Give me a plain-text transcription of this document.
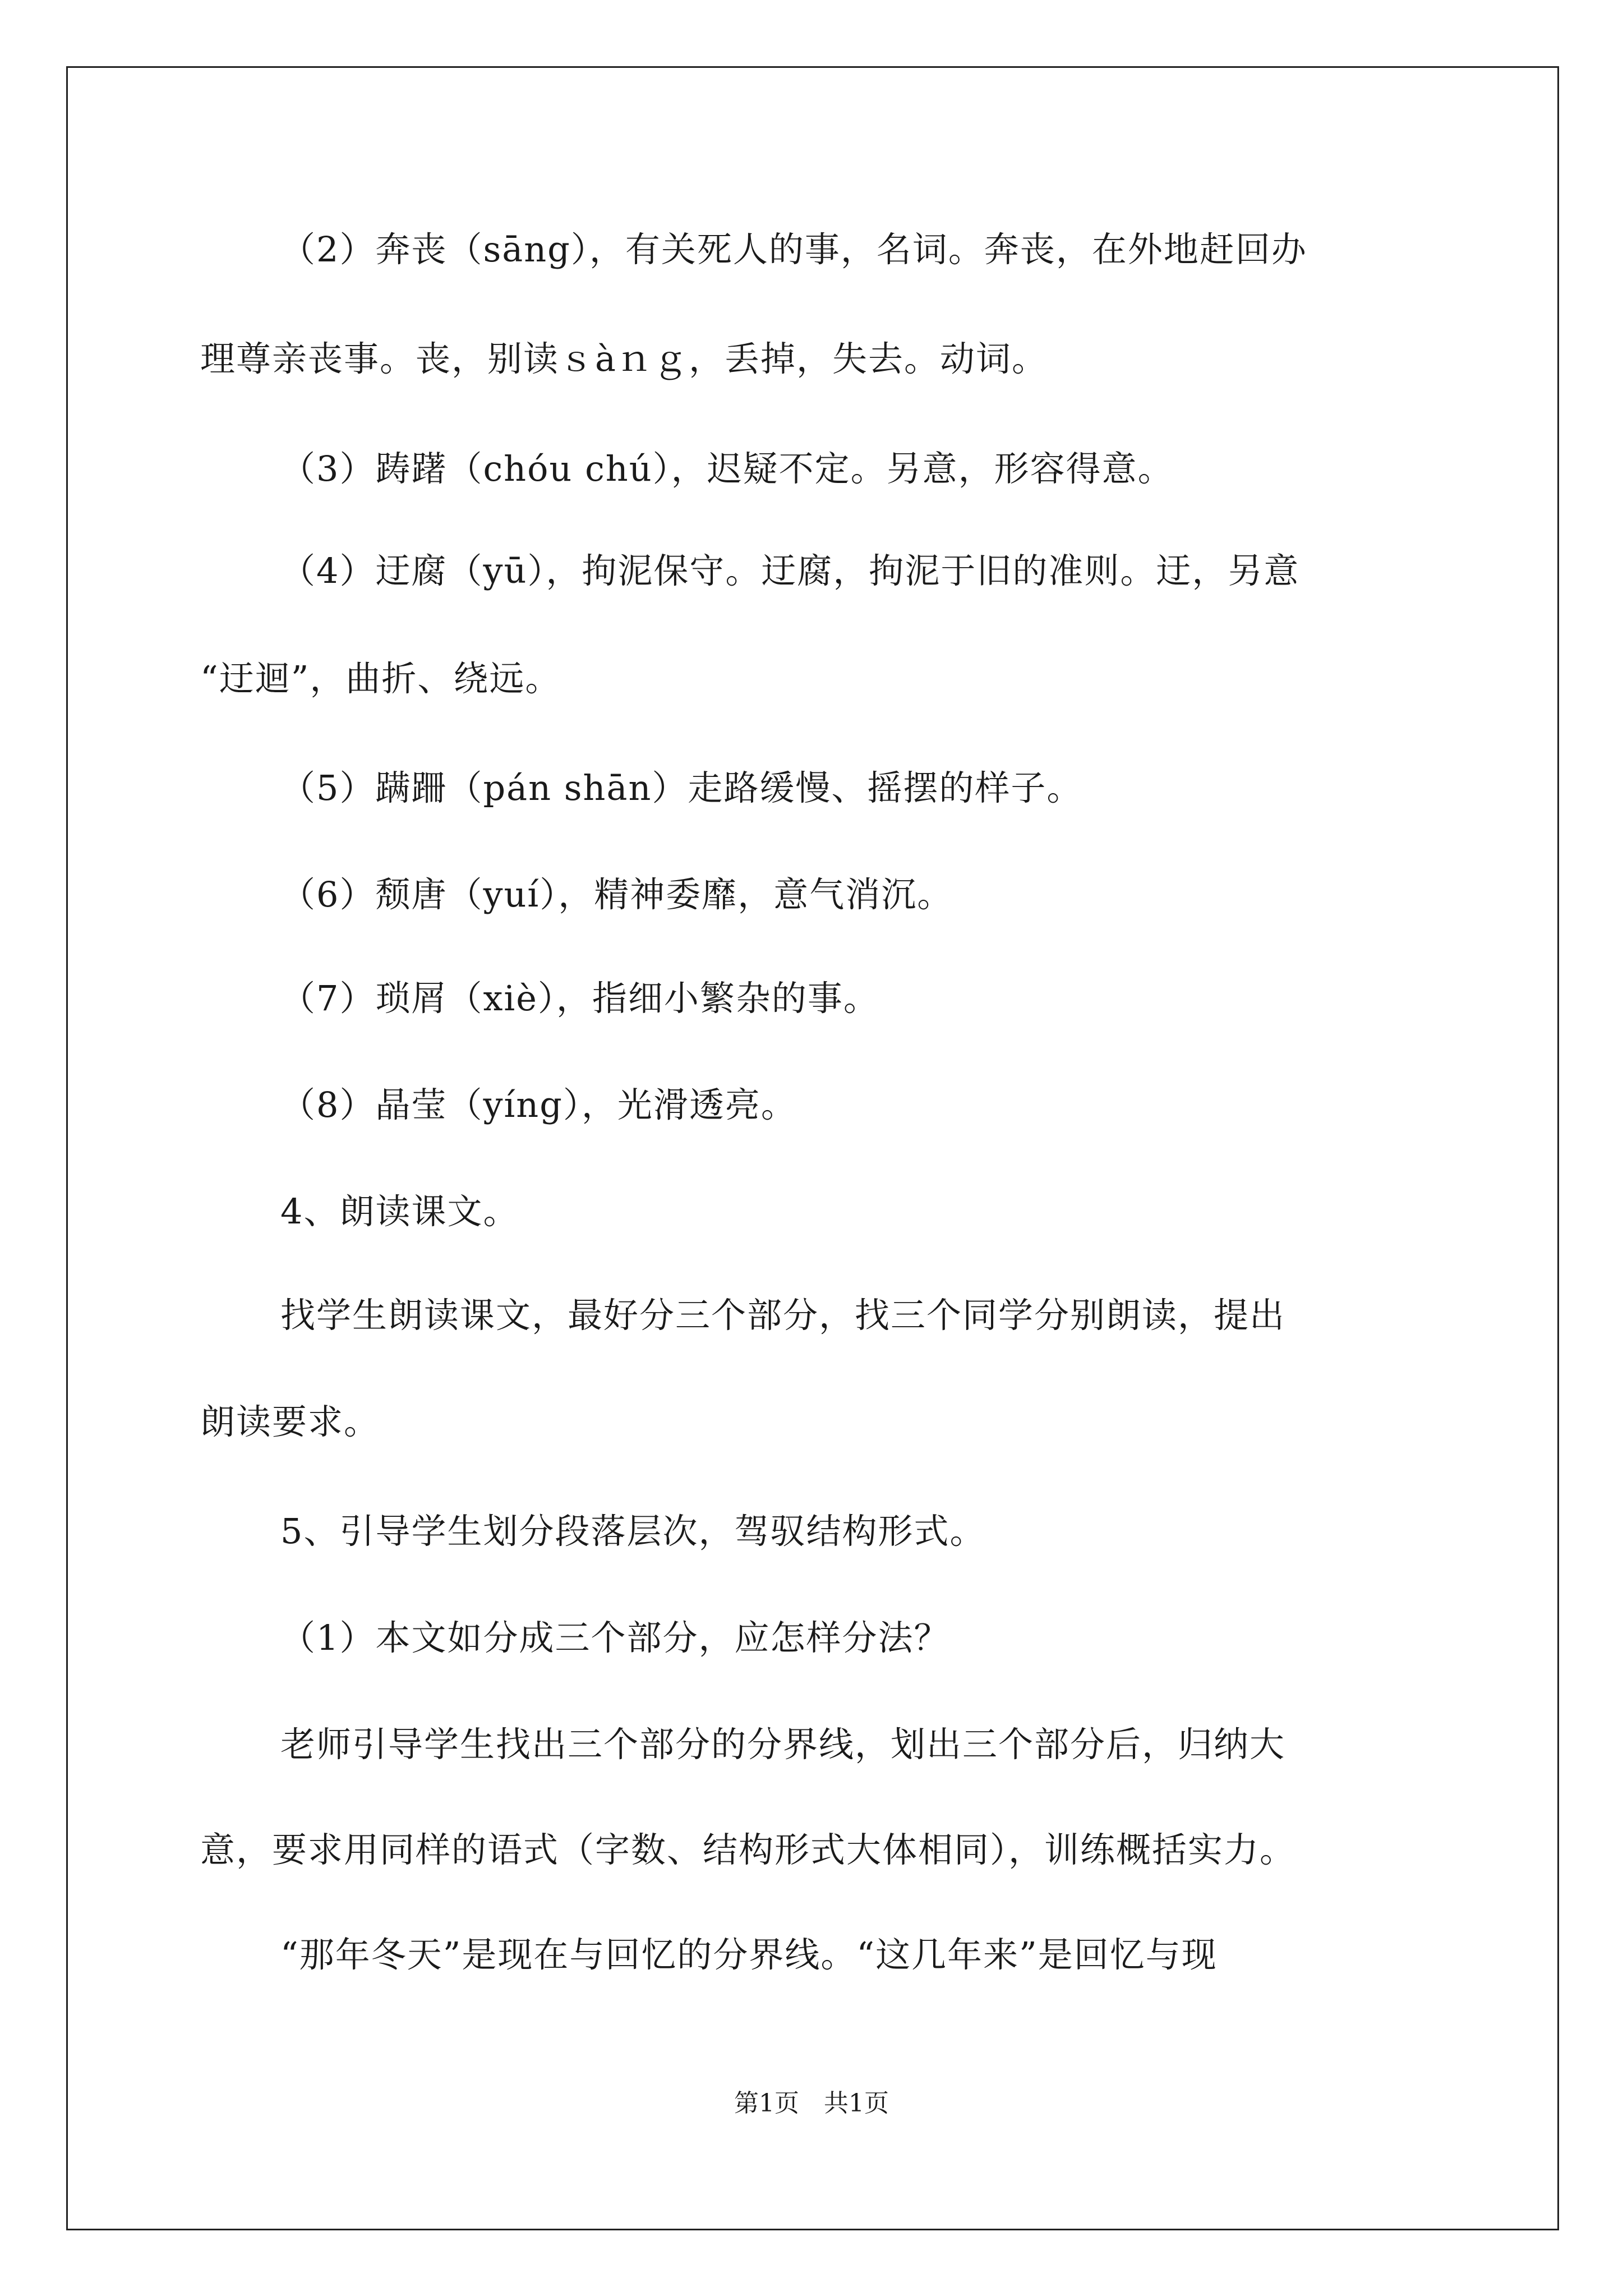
（2）奔丧（sāng），有关死人的事，名词。奔丧，在外地赶回办
理尊亲丧事。丧，别读ｓàｎｇ，丢掉，失去。动词。
（3）踌躇（chóu chú），迟疑不定。另意，形容得意。
（4）迂腐（yū），拘泥保守。迂腐，拘泥于旧的准则。迂，另意
“迂迴”，曲折、绕远。
（5）蹒跚（pán shān）走路缓慢、摇摆的样子。
（6）颓唐（yuí），精神委靡，意气消沉。
（7）琐屑（xiè），指细小繁杂的事。
（8）晶莹（yíng），光滑透亮。
4、朗读课文。
找学生朗读课文，最好分三个部分，找三个同学分别朗读，提出
朗读要求。
5、引导学生划分段落层次，驾驭结构形式。
（1）本文如分成三个部分，应怎样分法？
老师引导学生找出三个部分的分界线，划出三个部分后，归纳大
意，要求用同样的语式（字数、结构形式大体相同），训练概括实力。
“那年冬天”是现在与回忆的分界线。“这几年来”是回忆与现
第1页　共1页
